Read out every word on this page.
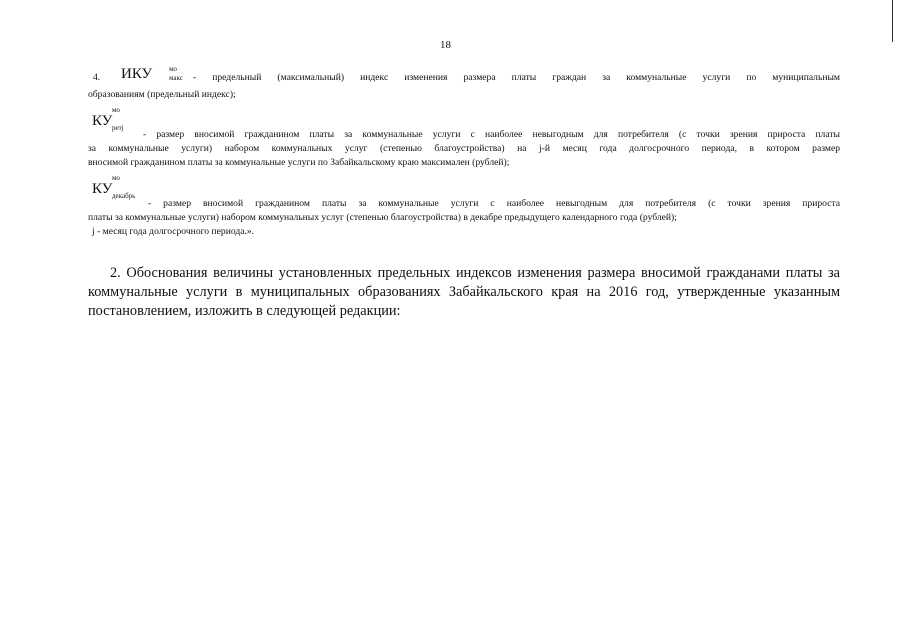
18
4. ИКУ мо
макс - предельный (максимальный) индекс изменения размера платы граждан за коммунальные услуги по муниципальным
образованиям (предельный индекс);
мо
КУ ретj
- размер вносимой гражданином платы за коммунальные услуги с наиболее невыгодным для потребителя (с точки зрения прироста платы
за коммунальные услуги) набором коммунальных услуг (степенью благоустройства) на j-й месяц года долгосрочного периода, в котором размер
вносимой гражданином платы за коммунальные услуги по Забайкальскому краю максимален (рублей);
мо
КУ декабрь
- размер вносимой гражданином платы за коммунальные услуги с наиболее невыгодным для потребителя (с точки зрения прироста
платы за коммунальные услуги) набором коммунальных услуг (степенью благоустройства) в декабре предыдущего календарного года (рублей);
j - месяц года долгосрочного периода.».
2. Обоснования величины установленных предельных индексов изменения размера вносимой гражданами платы за коммунальные услуги в муниципальных образованиях Забайкальского края на 2016 год, утвержденные указанным постановлением, изложить в следующей редакции:
